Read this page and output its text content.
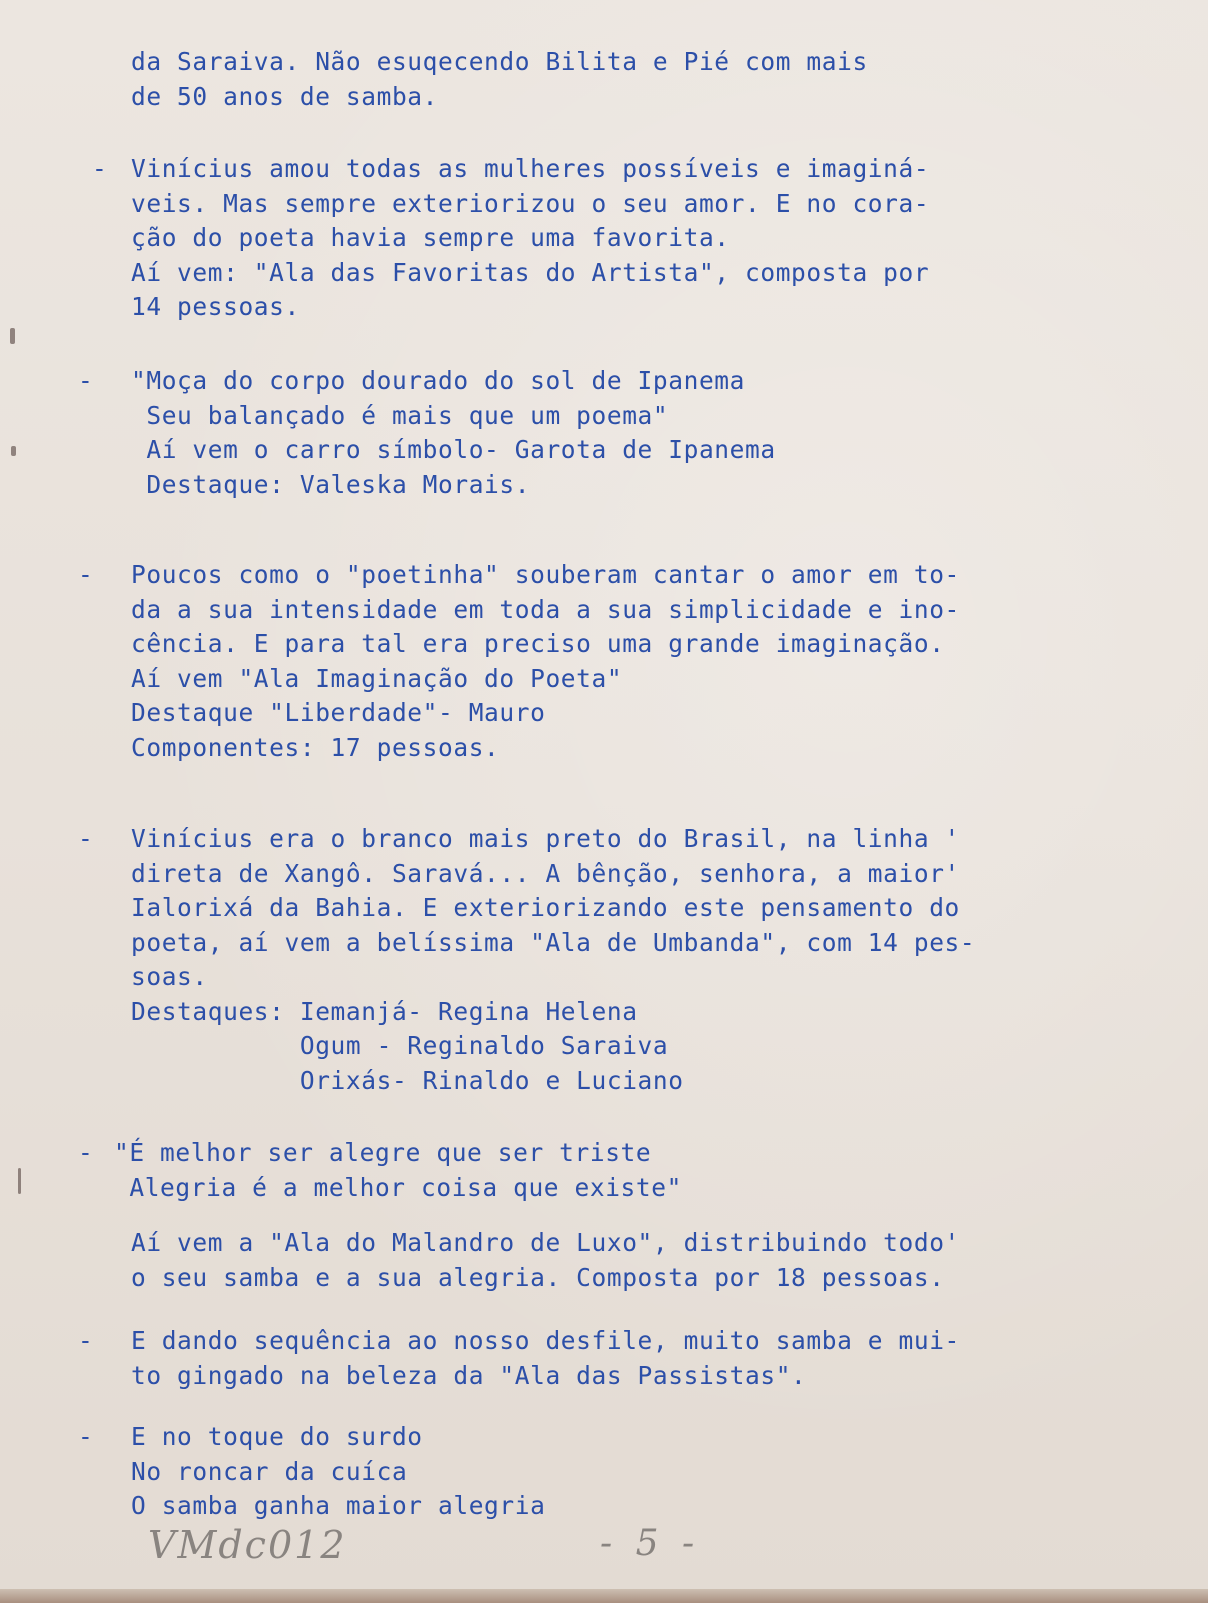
da Saraiva. Não esuqecendo Bilita e Pié com mais
de 50 anos de samba.
- Vinícius amou todas as mulheres possíveis e imaginá-
veis. Mas sempre exteriorizou o seu amor. E no cora-
ção do poeta havia sempre uma favorita.
Aí vem: "Ala das Favoritas do Artista", composta por
14 pessoas.
- "Moça do corpo dourado do sol de Ipanema
Seu balançado é mais que um poema"
Aí vem o carro símbolo- Garota de Ipanema
Destaque: Valeska Morais.
- Poucos como o "poetinha" souberam cantar o amor em to-
da a sua intensidade em toda a sua simplicidade e ino-
cência. E para tal era preciso uma grande imaginação.
Aí vem "Ala Imaginação do Poeta"
Destaque "Liberdade"- Mauro
Componentes: 17 pessoas.
- Vinícius era o branco mais preto do Brasil, na linha '
direta de Xangô. Saravá... A bênção, senhora, a maior'
Ialorixá da Bahia. E exteriorizando este pensamento do
poeta, aí vem a belíssima "Ala de Umbanda", com 14 pes-
soas.
Destaques: Iemanjá- Regina Helena
Ogum - Reginaldo Saraiva
Orixás- Rinaldo e Luciano
- "É melhor ser alegre que ser triste
Alegria é a melhor coisa que existe"
Aí vem a "Ala do Malandro de Luxo", distribuindo todo'
o seu samba e a sua alegria. Composta por 18 pessoas.
- E dando sequência ao nosso desfile, muito samba e mui-
to gingado na beleza da "Ala das Passistas".
- E no toque do surdo
No roncar da cuíca
O samba ganha maior alegria
VMdc012	- 5 -
